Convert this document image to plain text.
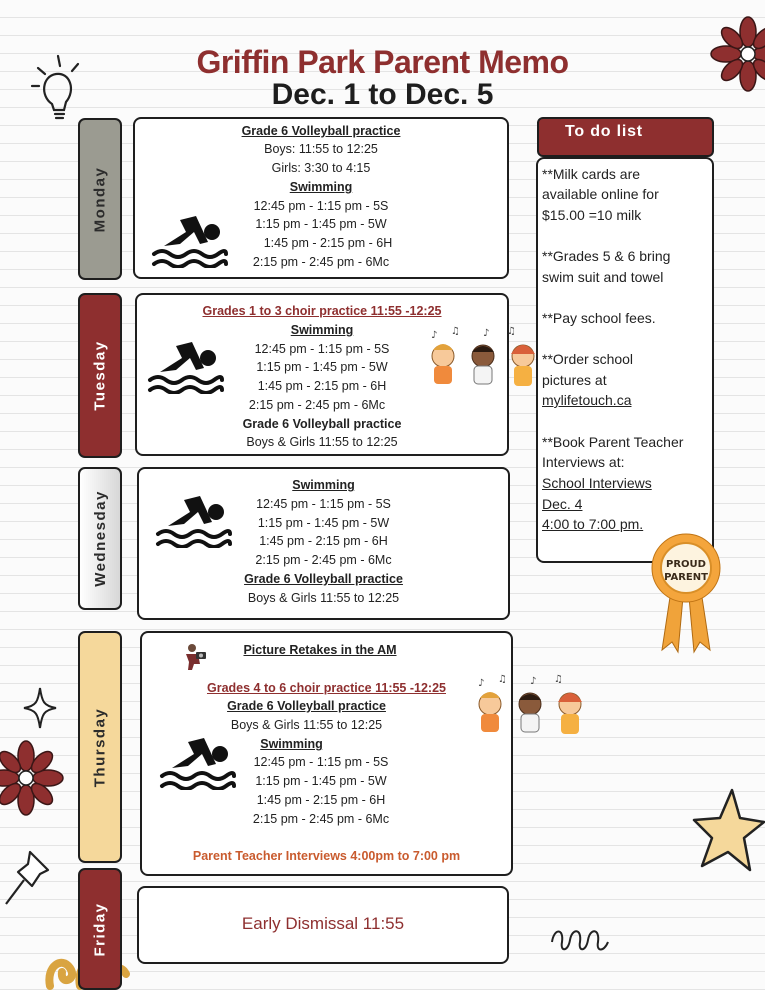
Griffin Park Parent Memo
Dec. 1 to Dec. 5
Monday
Tuesday
Wednesday
Thursday
Friday
Grade 6 Volleyball practice
Boys: 11:55 to 12:25
Girls: 3:30 to 4:15
Swimming
12:45 pm - 1:15 pm - 5S
1:15 pm - 1:45 pm - 5W
1:45 pm - 2:15 pm - 6H
2:15 pm - 2:45 pm - 6Mc
Grades 1 to 3 choir practice 11:55 -12:25
Swimming
12:45 pm - 1:15 pm - 5S
1:15 pm - 1:45 pm - 5W
1:45 pm - 2:15 pm - 6H
2:15 pm - 2:45 pm - 6Mc
Grade 6 Volleyball practice
Boys & Girls 11:55 to 12:25
Swimming
12:45 pm - 1:15 pm - 5S
1:15 pm - 1:45 pm - 5W
1:45 pm - 2:15 pm - 6H
2:15 pm - 2:45 pm - 6Mc
Grade 6 Volleyball practice
Boys & Girls 11:55 to 12:25
Picture Retakes in the AM
Grades 4 to 6 choir practice 11:55 -12:25
Grade 6 Volleyball practice
Boys & Girls 11:55 to 12:25
Swimming
12:45 pm - 1:15 pm - 5S
1:15 pm - 1:45 pm - 5W
1:45 pm - 2:15 pm - 6H
2:15 pm - 2:45 pm - 6Mc
Parent Teacher Interviews 4:00pm to 7:00 pm
Early Dismissal 11:55
♪ ♫ ♪ ♫
♪ ♫ ♪ ♫
To do list
**Milk cards are
available online for
$15.00 =10 milk
**Grades 5 & 6 bring
swim suit and towel
**Pay school fees.
**Order school
pictures at
mylifetouch.ca
**Book Parent Teacher
Interviews at:
School Interviews
Dec. 4
4:00 to 7:00 pm.
PROUD
PARENT
